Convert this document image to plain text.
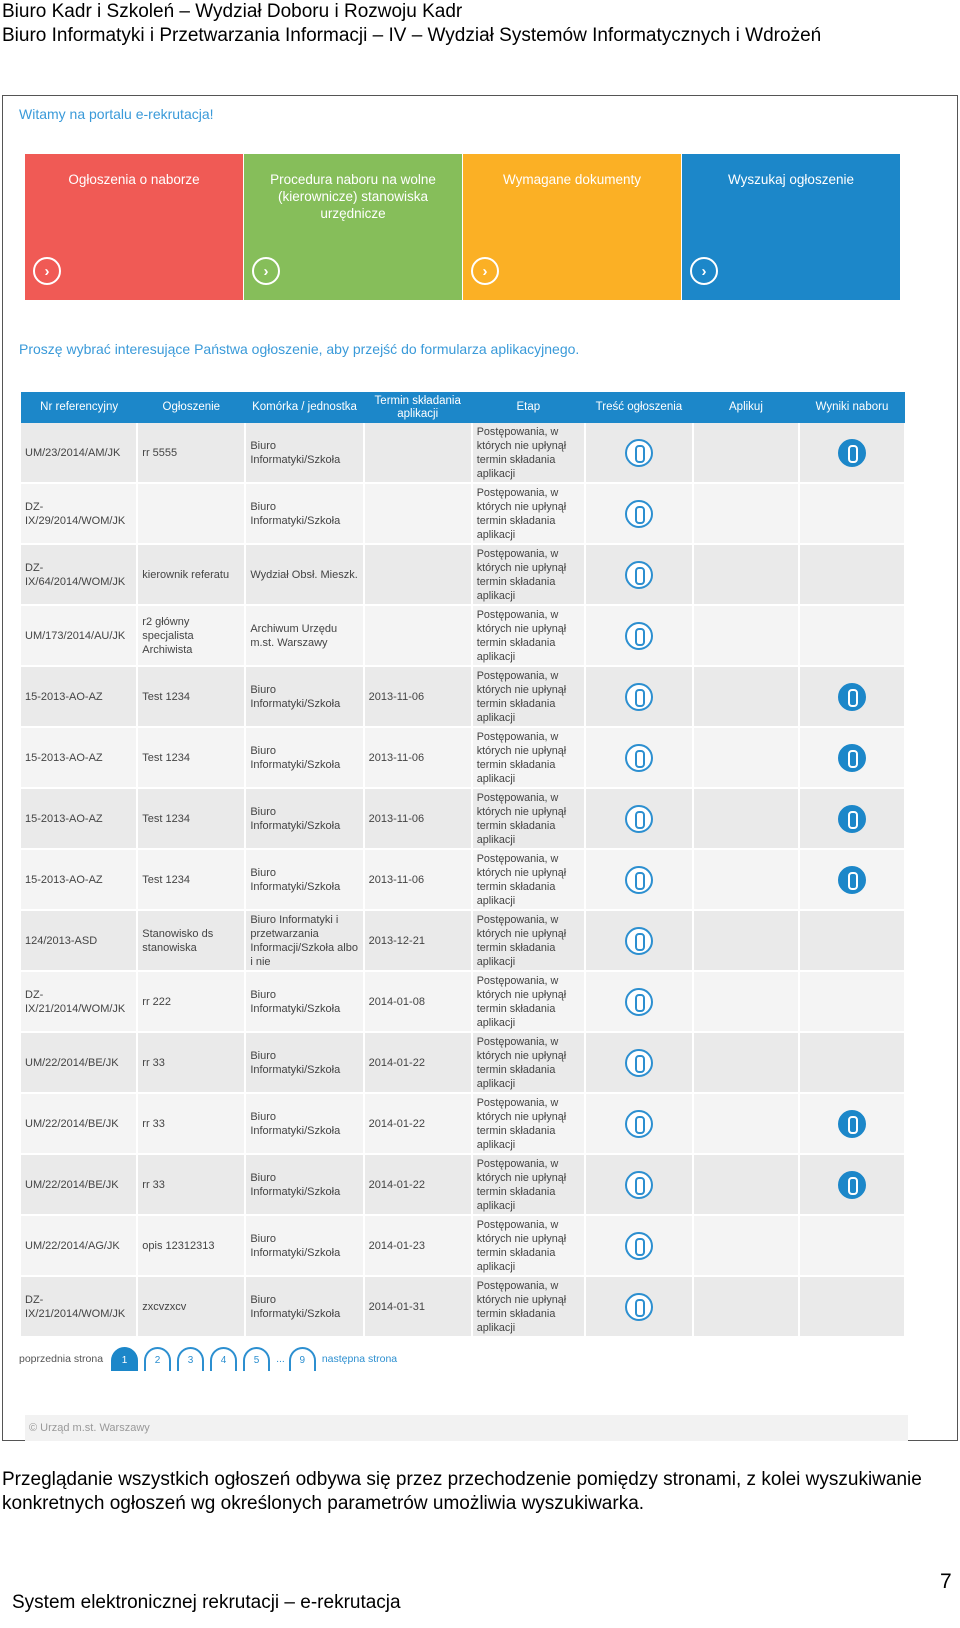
Biuro Kadr i Szkoleń – Wydział Doboru i Rozwoju Kadr
Biuro Informatyki i Przetwarzania Informacji – IV – Wydział Systemów Informatycznych i Wdrożeń
Witamy na portalu e-rekrutacja!
Ogłoszenia o naborze
›
Procedura naboru na wolne (kierownicze) stanowiska urzędnicze
›
Wymagane dokumenty
›
Wyszukaj ogłoszenie
›
Proszę wybrać interesujące Państwa ogłoszenie, aby przejść do formularza aplikacyjnego.
Nr referencyjny	Ogłoszenie	Komórka / jednostka	Termin składania aplikacji	Etap	Treść ogłoszenia	Aplikuj	Wyniki naboru
UM/23/2014/AM/JK	rr 5555	Biuro Informatyki/Szkoła		Postępowania, w których nie upłynął termin składania aplikacji			
DZ-IX/29/2014/WOM/JK		Biuro Informatyki/Szkoła		Postępowania, w których nie upłynął termin składania aplikacji			
DZ-IX/64/2014/WOM/JK	kierownik referatu	Wydział Obsł. Mieszk.		Postępowania, w których nie upłynął termin składania aplikacji			
UM/173/2014/AU/JK	r2 główny specjalista Archiwista	Archiwum Urzędu m.st. Warszawy		Postępowania, w których nie upłynął termin składania aplikacji			
15-2013-AO-AZ	Test 1234	Biuro Informatyki/Szkoła	2013-11-06	Postępowania, w których nie upłynął termin składania aplikacji			
15-2013-AO-AZ	Test 1234	Biuro Informatyki/Szkoła	2013-11-06	Postępowania, w których nie upłynął termin składania aplikacji			
15-2013-AO-AZ	Test 1234	Biuro Informatyki/Szkoła	2013-11-06	Postępowania, w których nie upłynął termin składania aplikacji			
15-2013-AO-AZ	Test 1234	Biuro Informatyki/Szkoła	2013-11-06	Postępowania, w których nie upłynął termin składania aplikacji			
124/2013-ASD	Stanowisko ds stanowiska	Biuro Informatyki i przetwarzania Informacji/Szkoła albo i nie	2013-12-21	Postępowania, w których nie upłynął termin składania aplikacji			
DZ-IX/21/2014/WOM/JK	rr 222	Biuro Informatyki/Szkoła	2014-01-08	Postępowania, w których nie upłynął termin składania aplikacji			
UM/22/2014/BE/JK	rr 33	Biuro Informatyki/Szkoła	2014-01-22	Postępowania, w których nie upłynął termin składania aplikacji			
UM/22/2014/BE/JK	rr 33	Biuro Informatyki/Szkoła	2014-01-22	Postępowania, w których nie upłynął termin składania aplikacji			
UM/22/2014/BE/JK	rr 33	Biuro Informatyki/Szkoła	2014-01-22	Postępowania, w których nie upłynął termin składania aplikacji			
UM/22/2014/AG/JK	opis 12312313	Biuro Informatyki/Szkoła	2014-01-23	Postępowania, w których nie upłynął termin składania aplikacji			
DZ-IX/21/2014/WOM/JK	zxcvzxcv	Biuro Informatyki/Szkoła	2014-01-31	Postępowania, w których nie upłynął termin składania aplikacji			
poprzednia strona	1	2	3	4	5	...	9	następna strona
© Urząd m.st. Warszawy
Przeglądanie wszystkich ogłoszeń odbywa się przez przechodzenie pomiędzy stronami, z kolei wyszukiwanie konkretnych ogłoszeń wg określonych parametrów umożliwia wyszukiwarka.
7
System elektronicznej rekrutacji – e-rekrutacja
